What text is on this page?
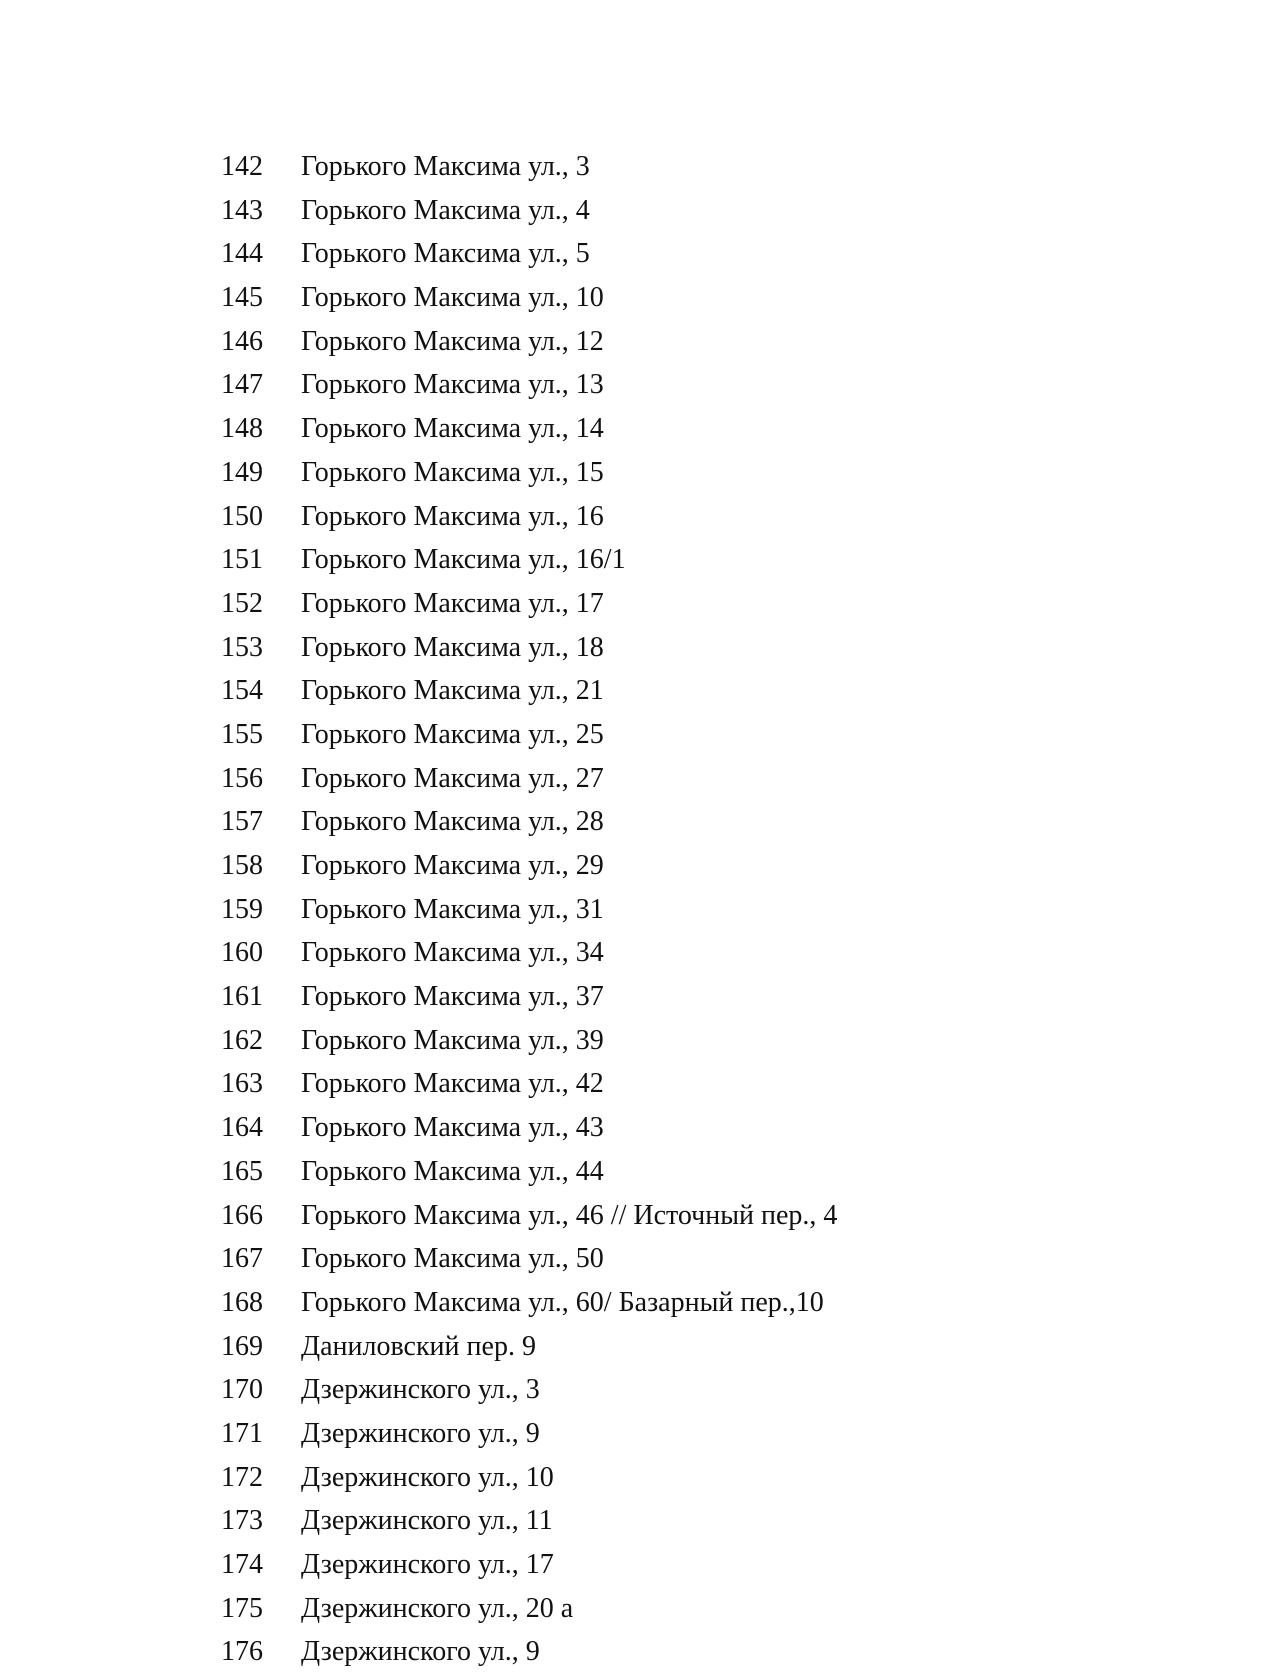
142	Горького Максима ул., 3
143	Горького Максима ул., 4
144	Горького Максима ул., 5
145	Горького Максима ул., 10
146	Горького Максима ул., 12
147	Горького Максима ул., 13
148	Горького Максима ул., 14
149	Горького Максима ул., 15
150	Горького Максима ул., 16
151	Горького Максима ул., 16/1
152	Горького Максима ул., 17
153	Горького Максима ул., 18
154	Горького Максима ул., 21
155	Горького Максима ул., 25
156	Горького Максима ул., 27
157	Горького Максима ул., 28
158	Горького Максима ул., 29
159	Горького Максима ул., 31
160	Горького Максима ул., 34
161	Горького Максима ул., 37
162	Горького Максима ул., 39
163	Горького Максима ул., 42
164	Горького Максима ул., 43
165	Горького Максима ул., 44
166	Горького Максима ул., 46 // Источный пер., 4
167	Горького Максима ул., 50
168	Горького Максима ул., 60/ Базарный пер.,10
169	Даниловский пер. 9
170	Дзержинского ул., 3
171	Дзержинского ул., 9
172	Дзержинского ул., 10
173	Дзержинского ул., 11
174	Дзержинского ул., 17
175	Дзержинского ул., 20 а
176	Дзержинского ул., 9
